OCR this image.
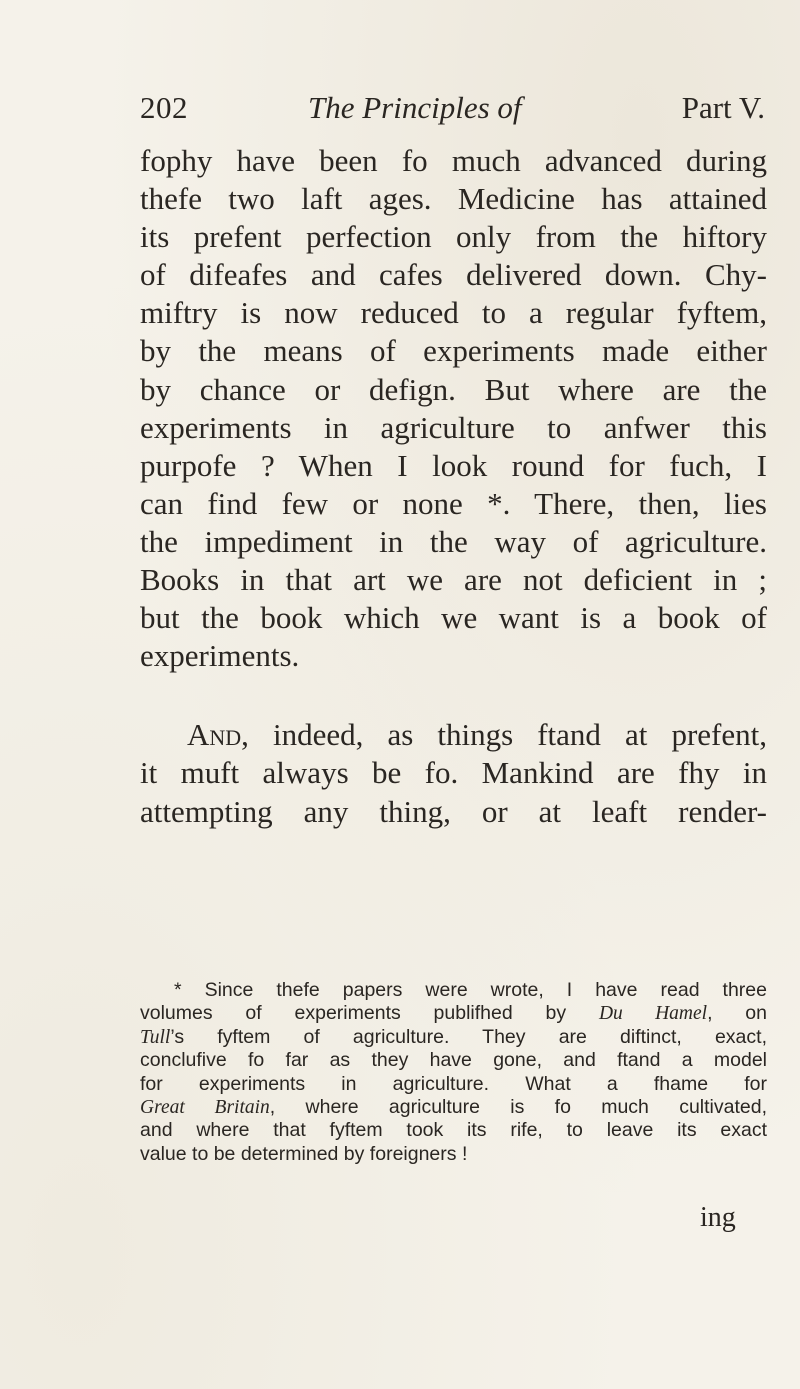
202	The Principles of	Part V.
fophy have been fo much advanced during
thefe two laft ages. Medicine has attained
its prefent perfection only from the hiftory
of difeafes and cafes delivered down. Chy-
miftry is now reduced to a regular fyftem,
by the means of experiments made either
by chance or defign. But where are the
experiments in agriculture to anfwer this
purpofe ? When I look round for fuch, I
can find few or none *. There, then, lies
the impediment in the way of agriculture.
Books in that art we are not deficient in ;
but the book which we want is a book of
experiments.
And, indeed, as things ftand at prefent,
it muft always be fo. Mankind are fhy in
attempting any thing, or at leaft render-
* Since thefe papers were wrote, I have read three
volumes of experiments publifhed by Du Hamel, on
Tull’s fyftem of agriculture. They are diftinct, exact,
conclufive fo far as they have gone, and ftand a model
for experiments in agriculture. What a fhame for
Great Britain, where agriculture is fo much cultivated,
and where that fyftem took its rife, to leave its exact
value to be determined by foreigners !
ing
